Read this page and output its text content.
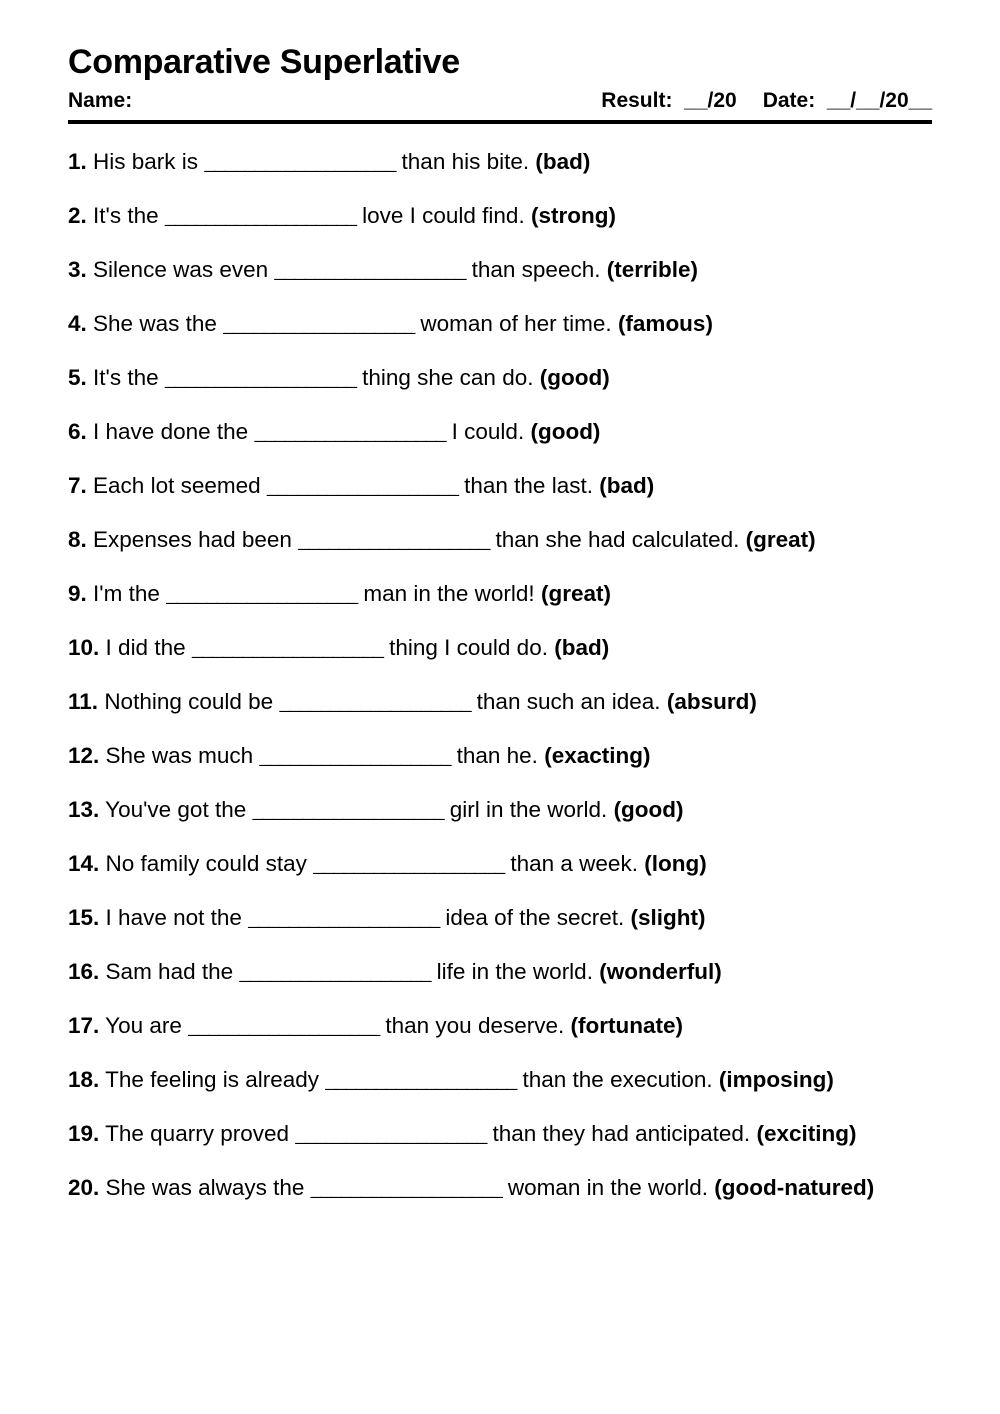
Comparative Superlative
Name:	Result: __/20 Date: __/__/20__
1. His bark is ___________________ than his bite. (bad)
2. It's the ___________________ love I could find. (strong)
3. Silence was even ___________________ than speech. (terrible)
4. She was the ___________________ woman of her time. (famous)
5. It's the ___________________ thing she can do. (good)
6. I have done the ___________________ I could. (good)
7. Each lot seemed ___________________ than the last. (bad)
8. Expenses had been ___________________ than she had calculated. (great)
9. I'm the ___________________ man in the world! (great)
10. I did the ___________________ thing I could do. (bad)
11. Nothing could be ___________________ than such an idea. (absurd)
12. She was much ___________________ than he. (exacting)
13. You've got the ___________________ girl in the world. (good)
14. No family could stay ___________________ than a week. (long)
15. I have not the ___________________ idea of the secret. (slight)
16. Sam had the ___________________ life in the world. (wonderful)
17. You are ___________________ than you deserve. (fortunate)
18. The feeling is already ___________________ than the execution. (imposing)
19. The quarry proved ___________________ than they had anticipated. (exciting)
20. She was always the ___________________ woman in the world. (good-natured)
